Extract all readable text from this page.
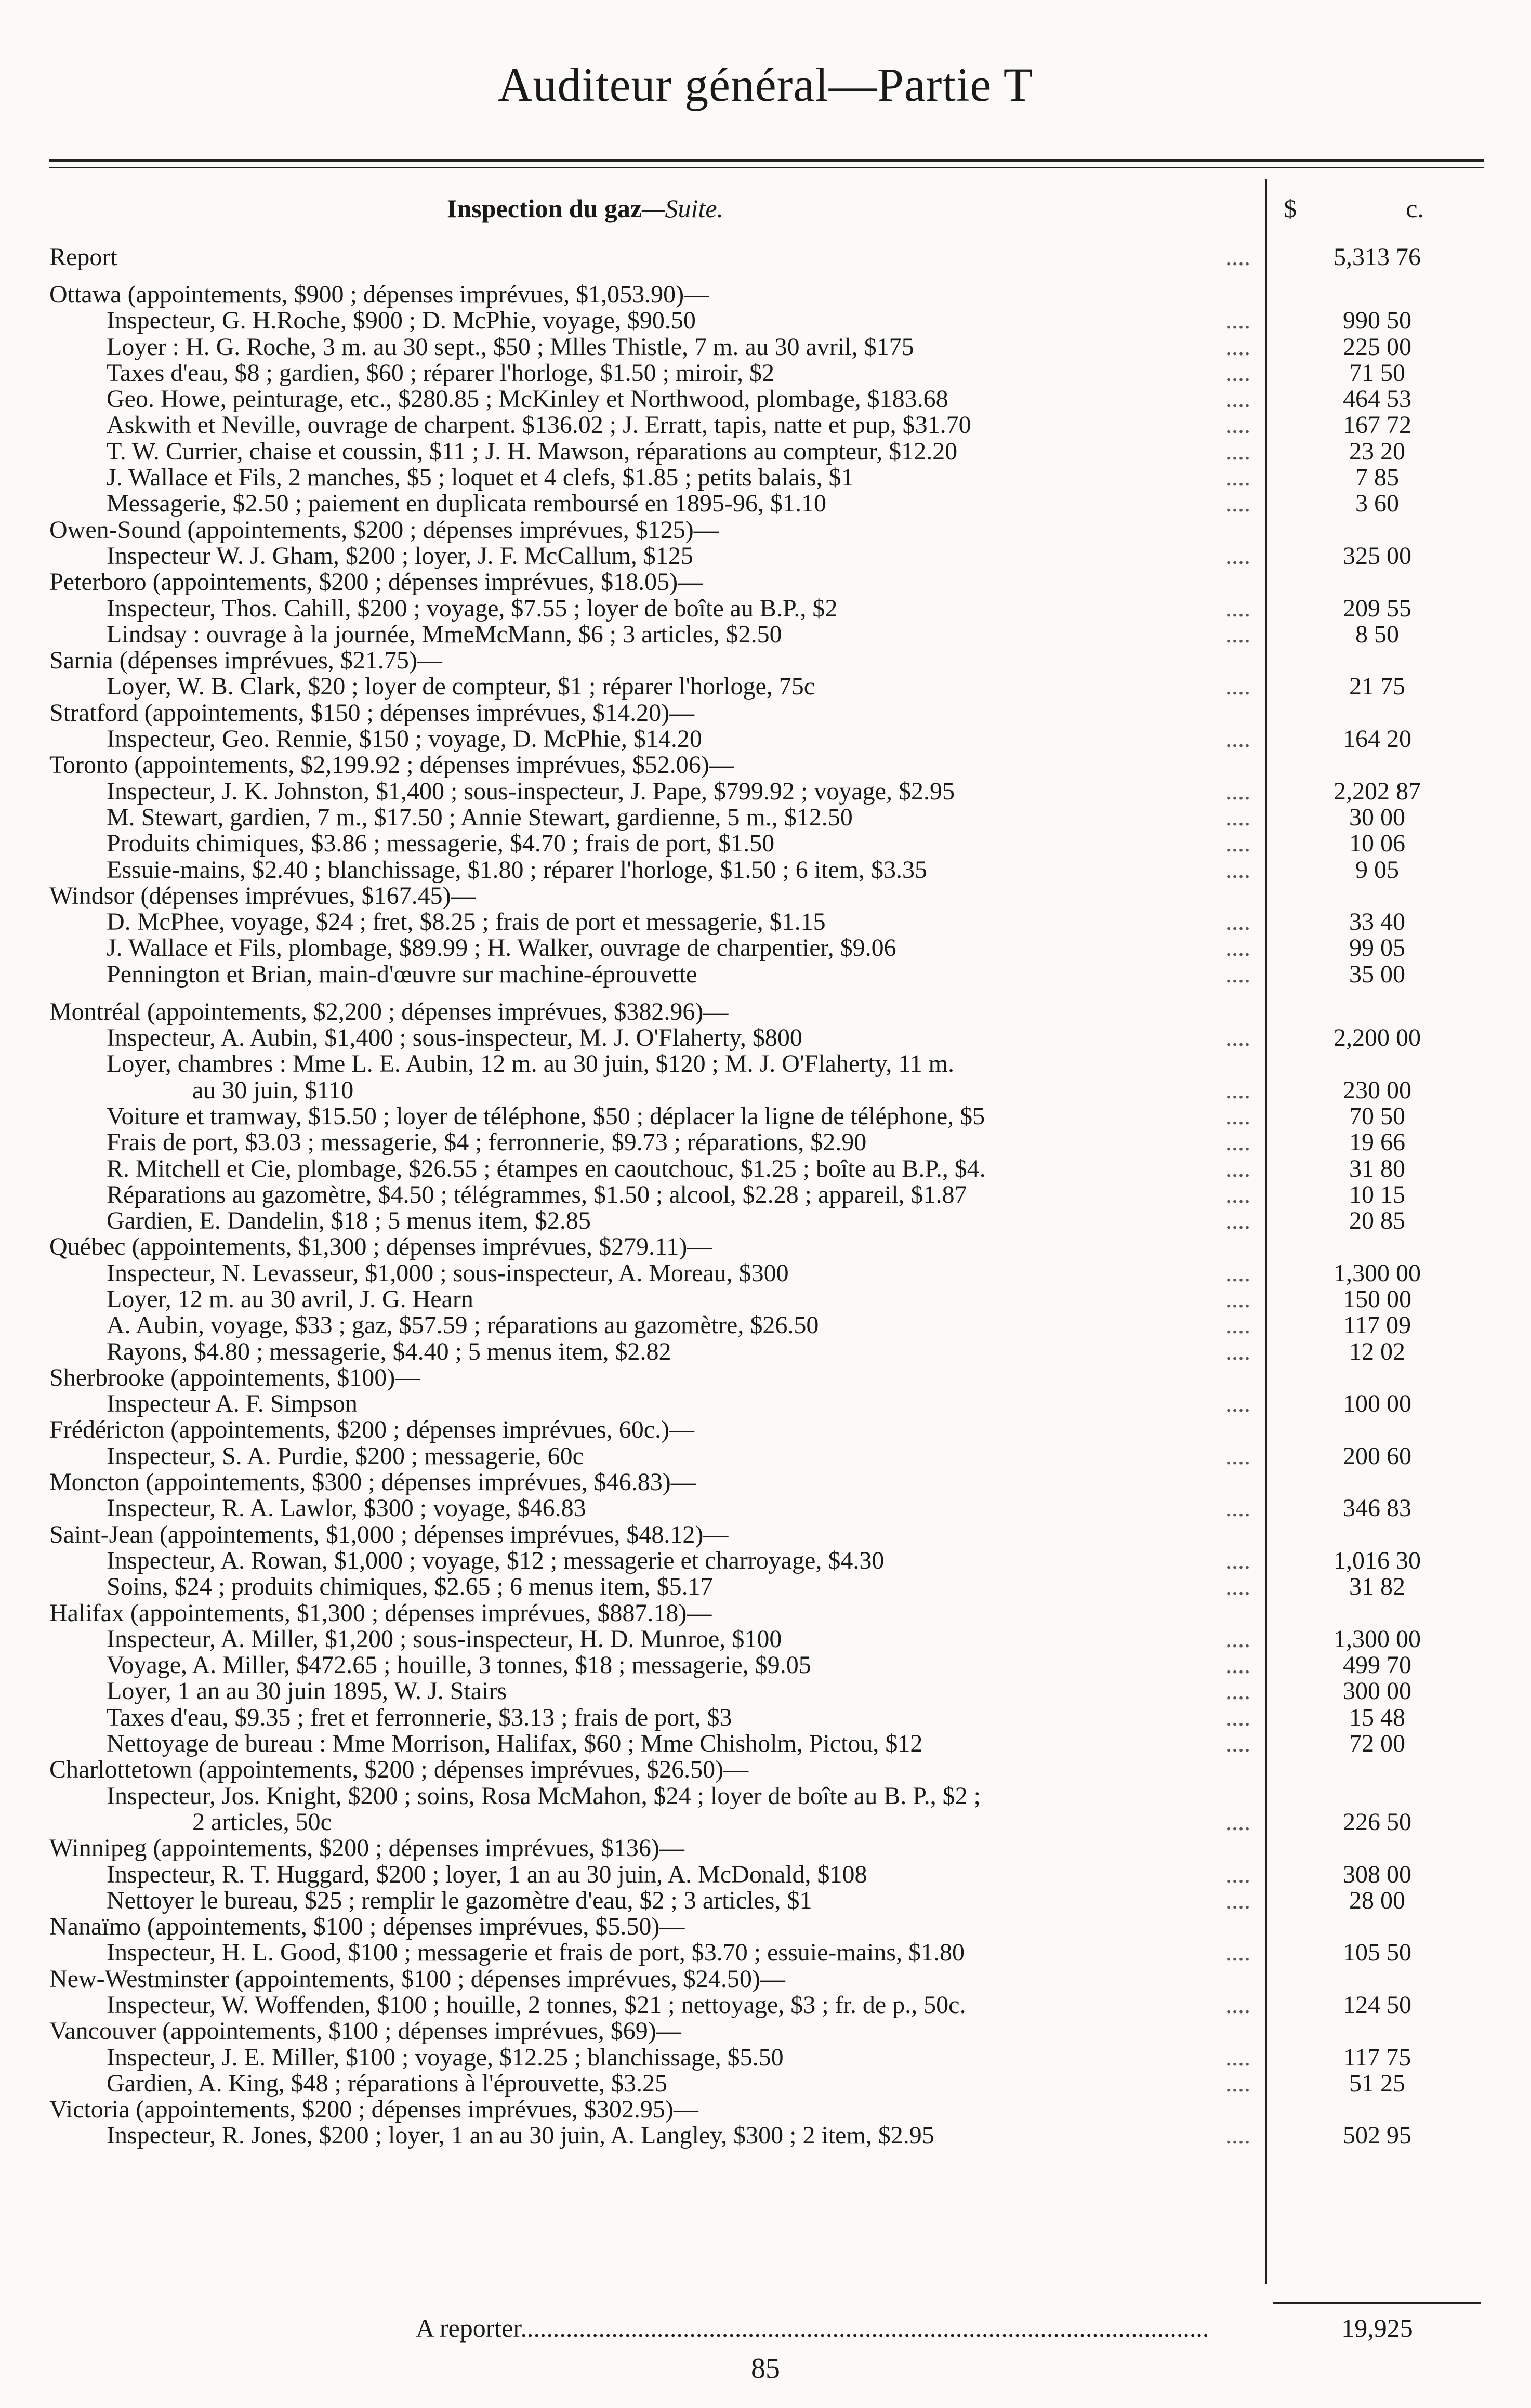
Auditeur général—Partie T
Inspection du gaz—Suite.	$	c.
Report	....	5,313 76
Ottawa (appointements, $900 ; dépenses imprévues, $1,053.90)—
Inspecteur, G. H.Roche, $900 ; D. McPhie, voyage, $90.50	....	990 50
Loyer : H. G. Roche, 3 m. au 30 sept., $50 ; Mlles Thistle, 7 m. au 30 avril, $175	....	225 00
Taxes d'eau, $8 ; gardien, $60 ; réparer l'horloge, $1.50 ; miroir, $2	....	71 50
Geo. Howe, peinturage, etc., $280.85 ; McKinley et Northwood, plombage, $183.68	....	464 53
Askwith et Neville, ouvrage de charpent. $136.02 ; J. Erratt, tapis, natte et pup, $31.70	....	167 72
T. W. Currier, chaise et coussin, $11 ; J. H. Mawson, réparations au compteur, $12.20	....	23 20
J. Wallace et Fils, 2 manches, $5 ; loquet et 4 clefs, $1.85 ; petits balais, $1	....	7 85
Messagerie, $2.50 ; paiement en duplicata remboursé en 1895-96, $1.10	....	3 60
Owen-Sound (appointements, $200 ; dépenses imprévues, $125)—
Inspecteur W. J. Gham, $200 ; loyer, J. F. McCallum, $125	....	325 00
Peterboro (appointements, $200 ; dépenses imprévues, $18.05)—
Inspecteur, Thos. Cahill, $200 ; voyage, $7.55 ; loyer de boîte au B.P., $2	....	209 55
Lindsay : ouvrage à la journée, MmeMcMann, $6 ; 3 articles, $2.50	....	8 50
Sarnia (dépenses imprévues, $21.75)—
Loyer, W. B. Clark, $20 ; loyer de compteur, $1 ; réparer l'horloge, 75c	....	21 75
Stratford (appointements, $150 ; dépenses imprévues, $14.20)—
Inspecteur, Geo. Rennie, $150 ; voyage, D. McPhie, $14.20	....	164 20
Toronto (appointements, $2,199.92 ; dépenses imprévues, $52.06)—
Inspecteur, J. K. Johnston, $1,400 ; sous-inspecteur, J. Pape, $799.92 ; voyage, $2.95	....	2,202 87
M. Stewart, gardien, 7 m., $17.50 ; Annie Stewart, gardienne, 5 m., $12.50	....	30 00
Produits chimiques, $3.86 ; messagerie, $4.70 ; frais de port, $1.50	....	10 06
Essuie-mains, $2.40 ; blanchissage, $1.80 ; réparer l'horloge, $1.50 ; 6 item, $3.35	....	9 05
Windsor (dépenses imprévues, $167.45)—
D. McPhee, voyage, $24 ; fret, $8.25 ; frais de port et messagerie, $1.15	....	33 40
J. Wallace et Fils, plombage, $89.99 ; H. Walker, ouvrage de charpentier, $9.06	....	99 05
Pennington et Brian, main-d'œuvre sur machine-éprouvette	....	35 00
Montréal (appointements, $2,200 ; dépenses imprévues, $382.96)—
Inspecteur, A. Aubin, $1,400 ; sous-inspecteur, M. J. O'Flaherty, $800	....	2,200 00
Loyer, chambres : Mme L. E. Aubin, 12 m. au 30 juin, $120 ; M. J. O'Flaherty, 11 m.
au 30 juin, $110	....	230 00
Voiture et tramway, $15.50 ; loyer de téléphone, $50 ; déplacer la ligne de téléphone, $5	....	70 50
Frais de port, $3.03 ; messagerie, $4 ; ferronnerie, $9.73 ; réparations, $2.90	....	19 66
R. Mitchell et Cie, plombage, $26.55 ; étampes en caoutchouc, $1.25 ; boîte au B.P., $4.	....	31 80
Réparations au gazomètre, $4.50 ; télégrammes, $1.50 ; alcool, $2.28 ; appareil, $1.87	....	10 15
Gardien, E. Dandelin, $18 ; 5 menus item, $2.85	....	20 85
Québec (appointements, $1,300 ; dépenses imprévues, $279.11)—
Inspecteur, N. Levasseur, $1,000 ; sous-inspecteur, A. Moreau, $300	....	1,300 00
Loyer, 12 m. au 30 avril, J. G. Hearn	....	150 00
A. Aubin, voyage, $33 ; gaz, $57.59 ; réparations au gazomètre, $26.50	....	117 09
Rayons, $4.80 ; messagerie, $4.40 ; 5 menus item, $2.82	....	12 02
Sherbrooke (appointements, $100)—
Inspecteur A. F. Simpson	....	100 00
Frédéricton (appointements, $200 ; dépenses imprévues, 60c.)—
Inspecteur, S. A. Purdie, $200 ; messagerie, 60c	....	200 60
Moncton (appointements, $300 ; dépenses imprévues, $46.83)—
Inspecteur, R. A. Lawlor, $300 ; voyage, $46.83	....	346 83
Saint-Jean (appointements, $1,000 ; dépenses imprévues, $48.12)—
Inspecteur, A. Rowan, $1,000 ; voyage, $12 ; messagerie et charroyage, $4.30	....	1,016 30
Soins, $24 ; produits chimiques, $2.65 ; 6 menus item, $5.17	....	31 82
Halifax (appointements, $1,300 ; dépenses imprévues, $887.18)—
Inspecteur, A. Miller, $1,200 ; sous-inspecteur, H. D. Munroe, $100	....	1,300 00
Voyage, A. Miller, $472.65 ; houille, 3 tonnes, $18 ; messagerie, $9.05	....	499 70
Loyer, 1 an au 30 juin 1895, W. J. Stairs	....	300 00
Taxes d'eau, $9.35 ; fret et ferronnerie, $3.13 ; frais de port, $3	....	15 48
Nettoyage de bureau : Mme Morrison, Halifax, $60 ; Mme Chisholm, Pictou, $12	....	72 00
Charlottetown (appointements, $200 ; dépenses imprévues, $26.50)—
Inspecteur, Jos. Knight, $200 ; soins, Rosa McMahon, $24 ; loyer de boîte au B. P., $2 ;
2 articles, 50c	....	226 50
Winnipeg (appointements, $200 ; dépenses imprévues, $136)—
Inspecteur, R. T. Huggard, $200 ; loyer, 1 an au 30 juin, A. McDonald, $108	....	308 00
Nettoyer le bureau, $25 ; remplir le gazomètre d'eau, $2 ; 3 articles, $1	....	28 00
Nanaïmo (appointements, $100 ; dépenses imprévues, $5.50)—
Inspecteur, H. L. Good, $100 ; messagerie et frais de port, $3.70 ; essuie-mains, $1.80	....	105 50
New-Westminster (appointements, $100 ; dépenses imprévues, $24.50)—
Inspecteur, W. Woffenden, $100 ; houille, 2 tonnes, $21 ; nettoyage, $3 ; fr. de p., 50c.	....	124 50
Vancouver (appointements, $100 ; dépenses imprévues, $69)—
Inspecteur, J. E. Miller, $100 ; voyage, $12.25 ; blanchissage, $5.50	....	117 75
Gardien, A. King, $48 ; réparations à l'éprouvette, $3.25	....	51 25
Victoria (appointements, $200 ; dépenses imprévues, $302.95)—
Inspecteur, R. Jones, $200 ; loyer, 1 an au 30 juin, A. Langley, $300 ; 2 item, $2.95	....	502 95
A reporter..........................................................................................................	19,925
85
